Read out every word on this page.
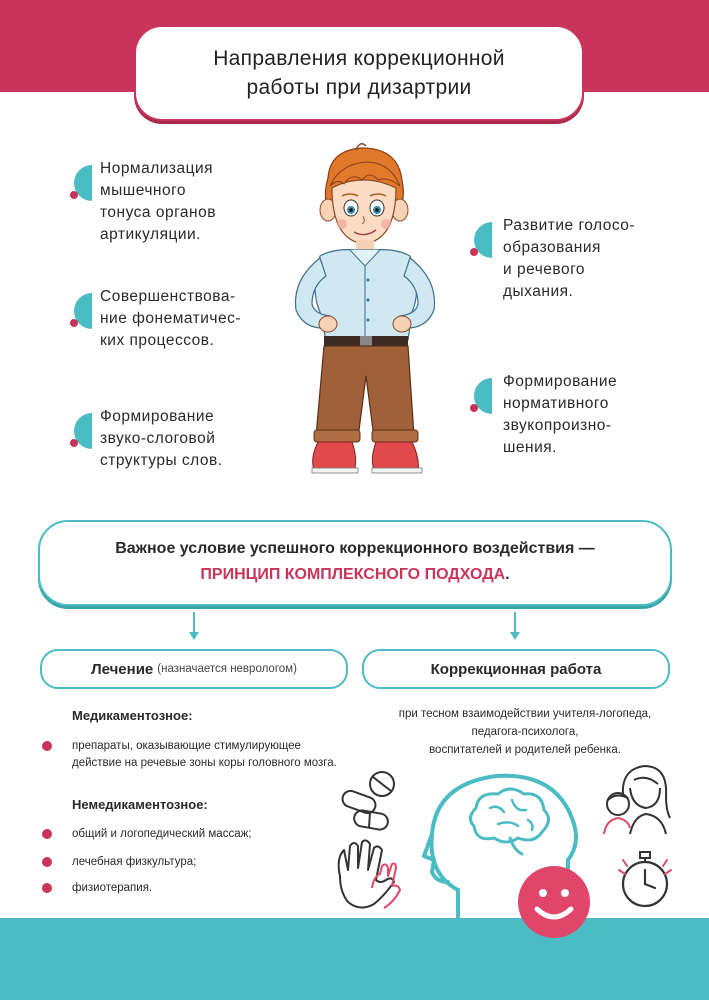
Направления коррекционной
работы при дизартрии
Нормализация
мышечного
тонуса органов
артикуляции.
Совершенствова-
ние фонематичес-
ких процессов.
Формирование
звуко-слоговой
структуры слов.
Развитие голосо-
образования
и речевого
дыхания.
Формирование
нормативного
звукопроизно-
шения.
Важное условие успешного коррекционного воздействия —
ПРИНЦИП КОМПЛЕКСНОГО ПОДХОДА.
Лечение (назначается неврологом)	Коррекционная работа
Медикаментозное:
препараты, оказывающие стимулирующее
действие на речевые зоны коры головного мозга.
Немедикаментозное:
общий и логопедический массаж;
лечебная физкультура;
физиотерапия.
при тесном взаимодействии учителя-логопеда,
педагога-психолога,
воспитателей и родителей ребенка.
